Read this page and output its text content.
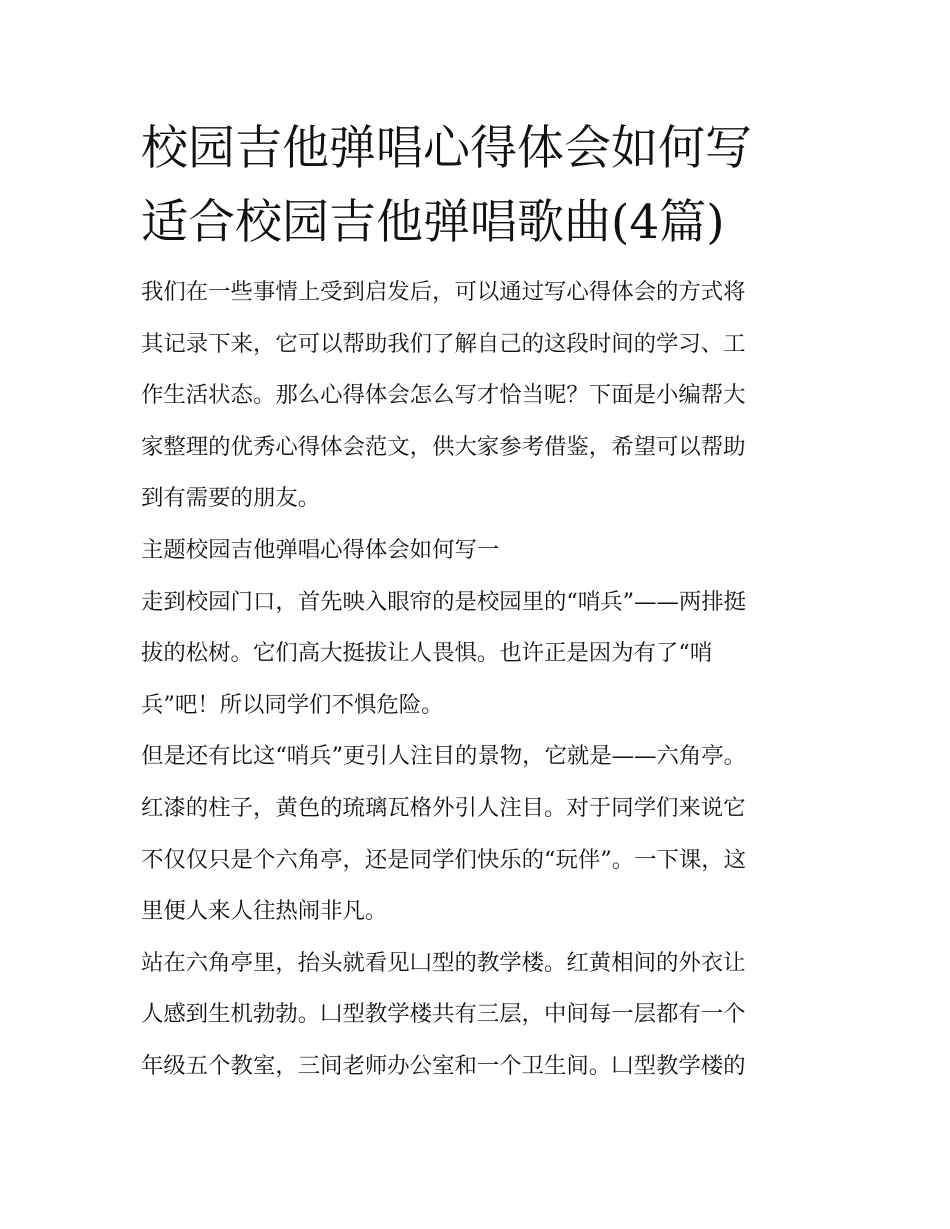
校园吉他弹唱心得体会如何写
适合校园吉他弹唱歌曲(4篇)

我们在一些事情上受到启发后，可以通过写心得体会的方式将
其记录下来，它可以帮助我们了解自己的这段时间的学习、工
作生活状态。那么心得体会怎么写才恰当呢？下面是小编帮大
家整理的优秀心得体会范文，供大家参考借鉴，希望可以帮助
到有需要的朋友。

主题校园吉他弹唱心得体会如何写一

走到校园门口，首先映入眼帘的是校园里的“哨兵”——两排挺
拔的松树。它们高大挺拔让人畏惧。也许正是因为有了“哨
兵”吧！所以同学们不惧危险。

但是还有比这“哨兵”更引人注目的景物，它就是——六角亭。
红漆的柱子，黄色的琉璃瓦格外引人注目。对于同学们来说它
不仅仅只是个六角亭，还是同学们快乐的“玩伴”。一下课，这
里便人来人往热闹非凡。

站在六角亭里，抬头就看见凵型的教学楼。红黄相间的外衣让
人感到生机勃勃。凵型教学楼共有三层，中间每一层都有一个
年级五个教室，三间老师办公室和一个卫生间。凵型教学楼的
